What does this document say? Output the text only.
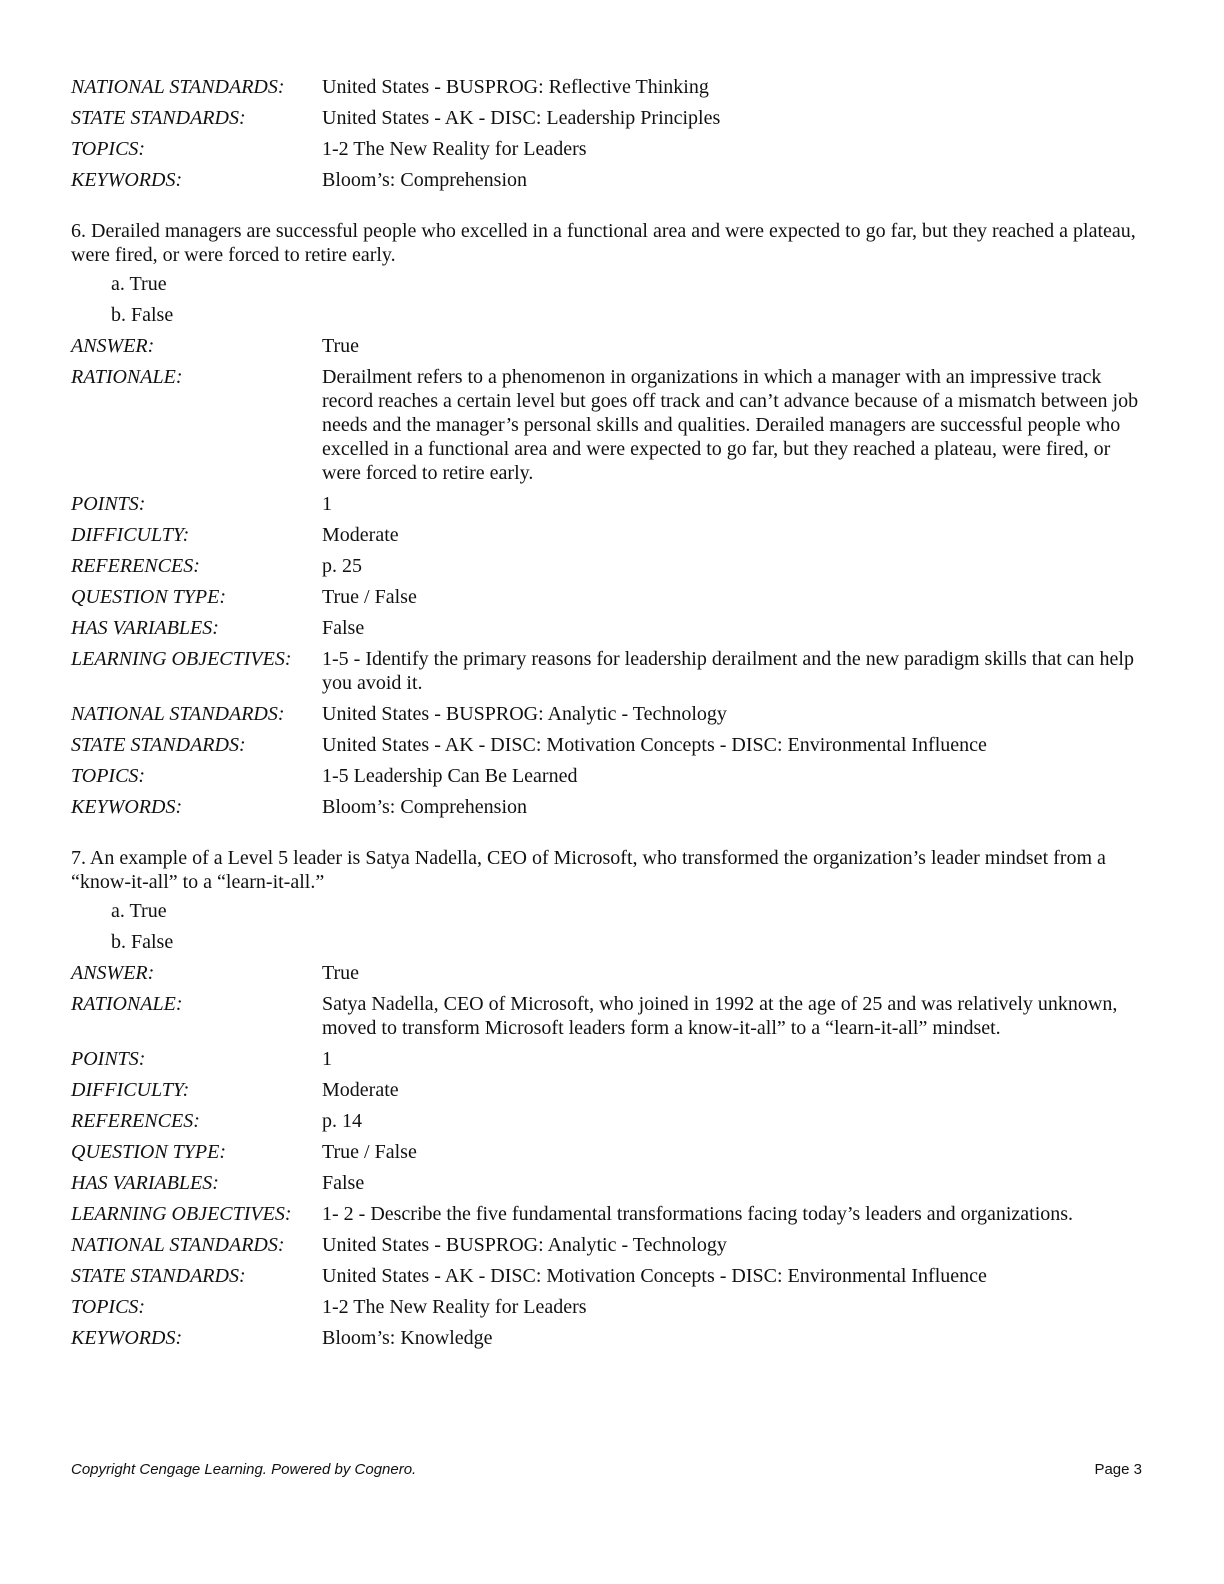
NATIONAL STANDARDS:	United States - BUSPROG: Reflective Thinking
STATE STANDARDS:	United States - AK - DISC: Leadership Principles
TOPICS:	1-2 The New Reality for Leaders
KEYWORDS:	Bloom’s: Comprehension
6. Derailed managers are successful people who excelled in a functional area and were expected to go far, but they reached a plateau, were fired, or were forced to retire early.
a. True
b. False
ANSWER:	True
RATIONALE:	Derailment refers to a phenomenon in organizations in which a manager with an impressive track record reaches a certain level but goes off track and can’t advance because of a mismatch between job needs and the manager’s personal skills and qualities. Derailed managers are successful people who excelled in a functional area and were expected to go far, but they reached a plateau, were fired, or were forced to retire early.
POINTS:	1
DIFFICULTY:	Moderate
REFERENCES:	p. 25
QUESTION TYPE:	True / False
HAS VARIABLES:	False
LEARNING OBJECTIVES:	1-5 - Identify the primary reasons for leadership derailment and the new paradigm skills that can help you avoid it.
NATIONAL STANDARDS:	United States - BUSPROG: Analytic - Technology
STATE STANDARDS:	United States - AK - DISC: Motivation Concepts - DISC: Environmental Influence
TOPICS:	1-5 Leadership Can Be Learned
KEYWORDS:	Bloom’s: Comprehension
7. An example of a Level 5 leader is Satya Nadella, CEO of Microsoft, who transformed the organization’s leader mindset from a “know-it-all” to a “learn-it-all.”
a. True
b. False
ANSWER:	True
RATIONALE:	Satya Nadella, CEO of Microsoft, who joined in 1992 at the age of 25 and was relatively unknown, moved to transform Microsoft leaders form a know-it-all” to a “learn-it-all” mindset.
POINTS:	1
DIFFICULTY:	Moderate
REFERENCES:	p. 14
QUESTION TYPE:	True / False
HAS VARIABLES:	False
LEARNING OBJECTIVES:	1- 2 - Describe the five fundamental transformations facing today’s leaders and organizations.
NATIONAL STANDARDS:	United States - BUSPROG: Analytic - Technology
STATE STANDARDS:	United States - AK - DISC: Motivation Concepts - DISC: Environmental Influence
TOPICS:	1-2 The New Reality for Leaders
KEYWORDS:	Bloom’s: Knowledge
Copyright Cengage Learning. Powered by Cognero.	Page 3
